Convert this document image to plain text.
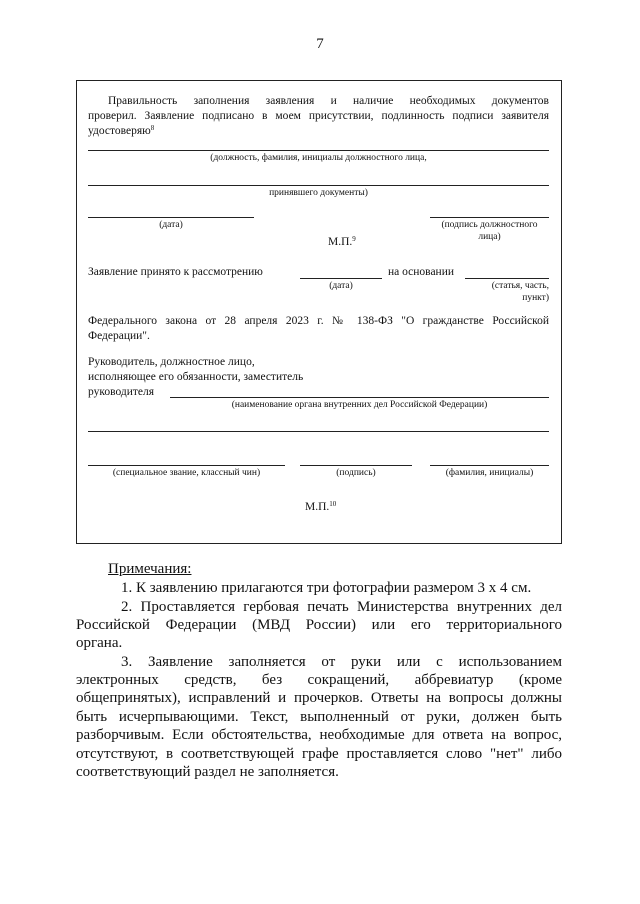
7
Правильность заполнения заявления и наличие необходимых документов
проверил. Заявление подписано в моем присутствии, подлинность подписи заявителя
удостоверяю$^8$
(должность, фамилия, инициалы должностного лица,
принявшего документы)
(дата)	(подпись должностного
лица)
М.П.$^9$
Заявление принято к рассмотрению
(дата)
на основании
(статья, часть,
пункт)
Федерального закона от 28 апреля 2023 г. № 138-ФЗ "О гражданстве Российской
Федерации".
Руководитель, должностное лицо,
исполняющее его обязанности, заместитель
руководителя
(наименование органа внутренних дел Российской Федерации)
(специальное звание, классный чин)	(подпись)	(фамилия, инициалы)
М.П.$^{10}$
Примечания:
1. К заявлению прилагаются три фотографии размером 3 x 4 см.
2. Проставляется гербовая печать Министерства внутренних дел
Российской Федерации (МВД России) или его территориального
органа.
3. Заявление заполняется от руки или с использованием
электронных средств, без сокращений, аббревиатур (кроме
общепринятых), исправлений и прочерков. Ответы на вопросы должны
быть исчерпывающими. Текст, выполненный от руки, должен быть
разборчивым. Если обстоятельства, необходимые для ответа на вопрос,
отсутствуют, в соответствующей графе проставляется слово "нет" либо
соответствующий раздел не заполняется.
